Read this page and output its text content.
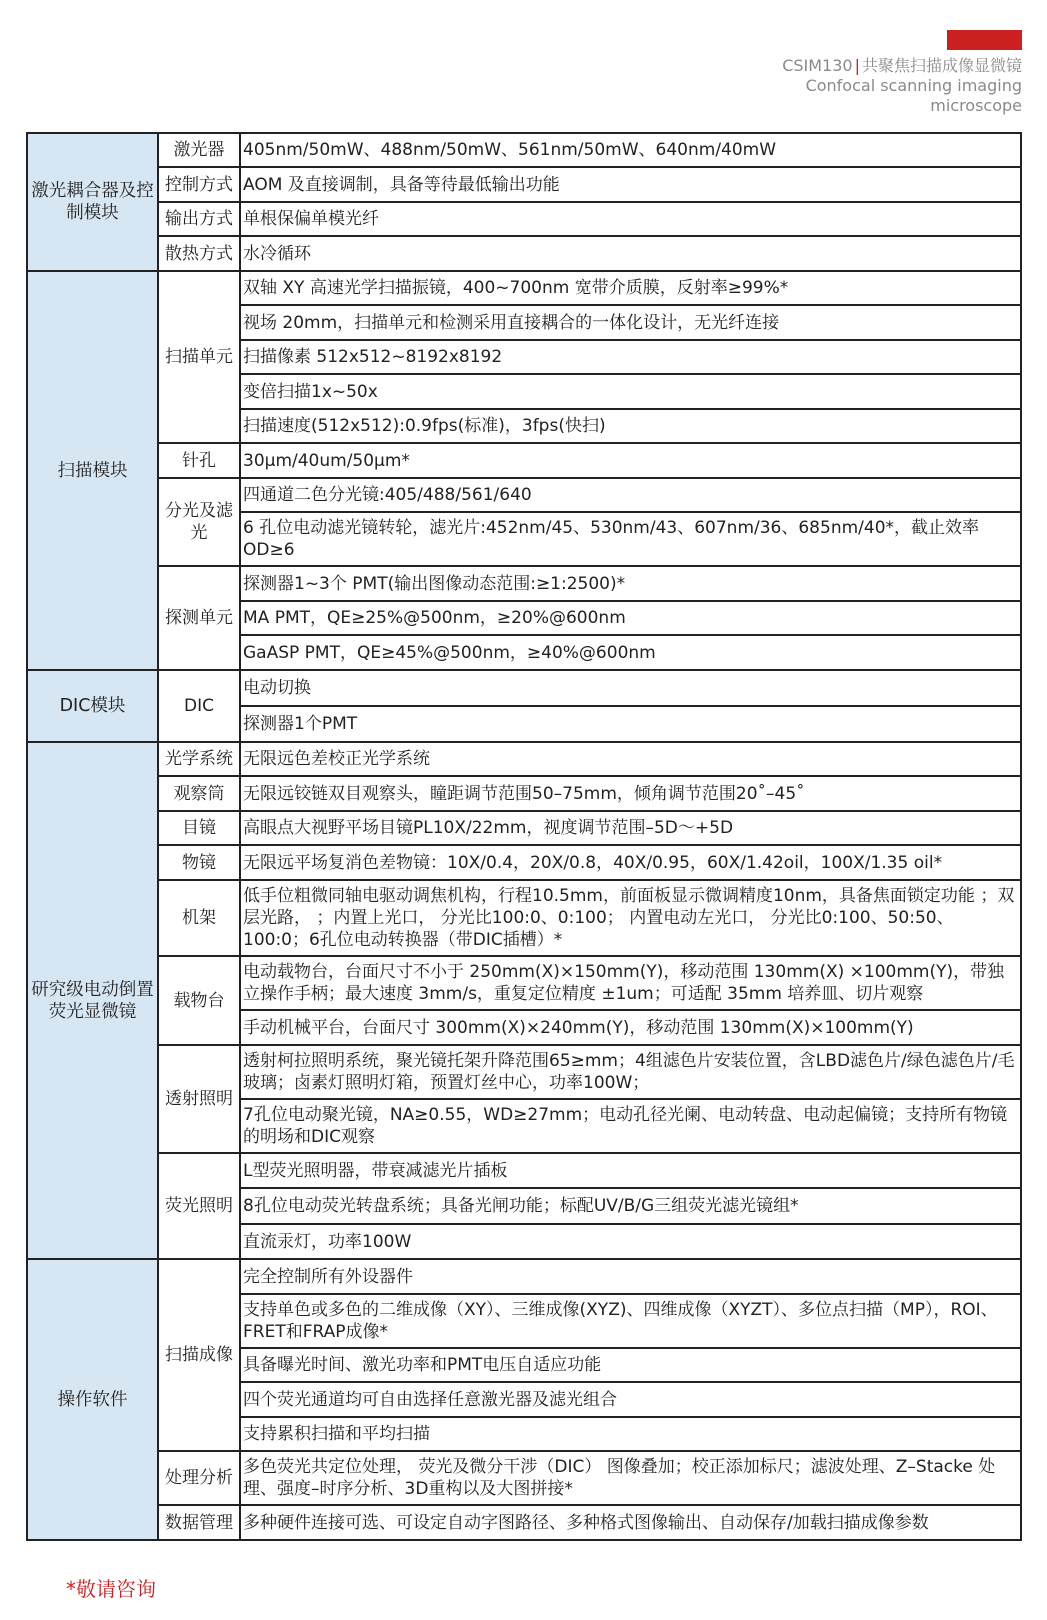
CSIM130 | 共聚焦扫描成像显微镜
Confocal scanning imaging
microscope
激光耦合器及控制模块	激光器	405nm/50mW、488nm/50mW、561nm/50mW、640nm/40mW
	控制方式	AOM 及直接调制，具备等待最低输出功能
	输出方式	单根保偏单模光纤
	散热方式	水冷循环
扫描模块	扫描单元	双轴 XY 高速光学扫描振镜，400~700nm 宽带介质膜，反射率≥99%*
		视场 20mm，扫描单元和检测采用直接耦合的一体化设计，无光纤连接
		扫描像素 512x512~8192x8192
		变倍扫描1x~50x
		扫描速度(512x512):0.9fps(标准)，3fps(快扫)
	针孔	30μm/40um/50μm*
	分光及滤光	四通道二色分光镜:405/488/561/640
		6 孔位电动滤光镜转轮，滤光片:452nm/45、530nm/43、607nm/36、685nm/40*，截止效率 OD≥6
	探测单元	探测器1~3个 PMT(输出图像动态范围:≥1:2500)*
		MA PMT，QE≥25%@500nm，≥20%@600nm
		GaASP PMT，QE≥45%@500nm，≥40%@600nm
DIC模块	DIC	电动切换
		探测器1个PMT
研究级电动倒置荧光显微镜	光学系统	无限远色差校正光学系统
	观察筒	无限远铰链双目观察头，瞳距调节范围50–75mm，倾角调节范围20˚–45˚
	目镜	高眼点大视野平场目镜PL10X/22mm，视度调节范围–5D～+5D
	物镜	无限远平场复消色差物镜：10X/0.4，20X/0.8，40X/0.95，60X/1.42oil，100X/1.35 oil*
	机架	低手位粗微同轴电驱动调焦机构，行程10.5mm，前面板显示微调精度10nm，具备焦面锁定功能 ；双层光路， ；内置上光口， 分光比100:0、0:100； 内置电动左光口， 分光比0:100、50:50、100:0；6孔位电动转换器（带DIC插槽）*
	载物台	电动载物台，台面尺寸不小于 250mm(X)×150mm(Y)，移动范围 130mm(X) ×100mm(Y)，带独立操作手柄；最大速度 3mm/s，重复定位精度 ±1um；可适配 35mm 培养皿、切片观察
		手动机械平台，台面尺寸 300mm(X)×240mm(Y)，移动范围 130mm(X)×100mm(Y)
	透射照明	透射柯拉照明系统，聚光镜托架升降范围65≥mm；4组滤色片安装位置，含LBD滤色片/绿色滤色片/毛玻璃；卤素灯照明灯箱，预置灯丝中心，功率100W；
		7孔位电动聚光镜，NA≥0.55，WD≥27mm；电动孔径光阑、电动转盘、电动起偏镜；支持所有物镜的明场和DIC观察
	荧光照明	L型荧光照明器，带衰减滤光片插板
		8孔位电动荧光转盘系统；具备光闸功能；标配UV/B/G三组荧光滤光镜组*
		直流汞灯，功率100W
操作软件	扫描成像	完全控制所有外设器件
		支持单色或多色的二维成像（XY）、三维成像(XYZ)、四维成像（XYZT）、多位点扫描（MP），ROI、FRET和FRAP成像*
		具备曝光时间、激光功率和PMT电压自适应功能
		四个荧光通道均可自由选择任意激光器及滤光组合
		支持累积扫描和平均扫描
	处理分析	多色荧光共定位处理， 荧光及微分干涉（DIC） 图像叠加；校正添加标尺；滤波处理、Z–Stacke 处理、强度–时序分析、3D重构以及大图拼接*
	数据管理	多种硬件连接可选、可设定自动字图路径、多种格式图像输出、自动保存/加载扫描成像参数
*敬请咨询
